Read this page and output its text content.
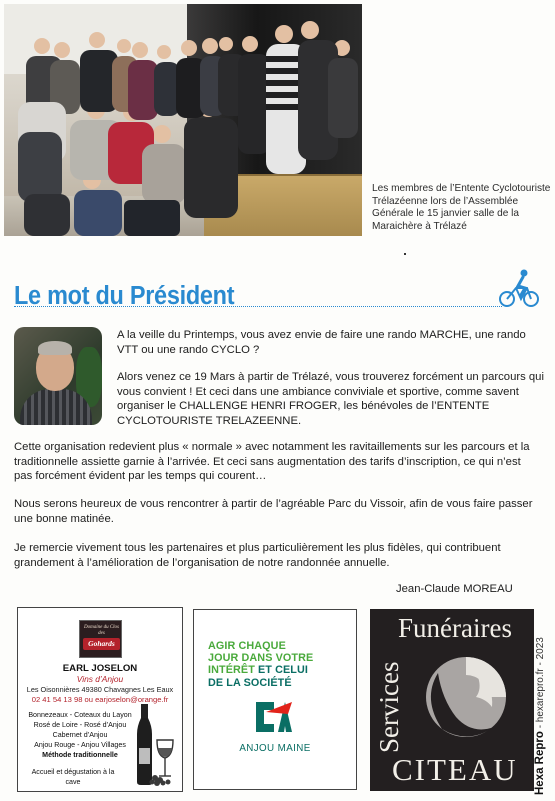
Les membres de l’Entente Cyclotouriste Trélazéenne lors de l’Assemblée Générale le 15 janvier salle de la Maraichère à Trélazé
Le mot du Président
A la veille du Printemps, vous avez envie de faire une rando MARCHE, une rando VTT ou une rando CYCLO ?
Alors venez ce 19 Mars à partir de Trélazé, vous trouverez forcément un parcours qui vous convient ! Et ceci dans une ambiance conviviale et sportive, comme savent organiser le CHALLENGE HENRI FROGER, les bénévoles de l’ENTENTE CYCLOTOURISTE TRELAZEENNE.
Cette organisation redevient plus « normale » avec notamment les ravitaillements sur les parcours et la traditionnelle assiette garnie à l’arrivée. Et ceci sans augmentation des tarifs d’inscription, ce qui n’est pas forcément évident par les temps qui courent…
Nous serons heureux de vous rencontrer à partir de l’agréable Parc du Vissoir, afin de vous faire passer une bonne matinée.
Je remercie vivement tous les partenaires et plus particulièrement les plus fidèles, qui contribuent grandement à l’amélioration de l’organisation de notre randonnée annuelle.
Jean-Claude MOREAU
Domaine du Clos des
Gohards
EARL JOSELON
Vins d’Anjou
Les Oisonnières 49380 Chavagnes Les Eaux
02 41 54 13 98 ou earjoselon@orange.fr
Bonnezeaux - Coteaux du Layon
Rosé de Loire - Rosé d’Anjou
Cabernet d’Anjou
Anjou Rouge - Anjou Villages
Méthode traditionnelle
Accueil et dégustation à la cave
AGIR CHAQUE
JOUR DANS VOTRE
INTÉRÊT ET CELUI
DE LA SOCIÉTÉ
ANJOU MAINE
Funéraires
Services
CITEAU Hexa Repro - hexarepro.fr - 2023
